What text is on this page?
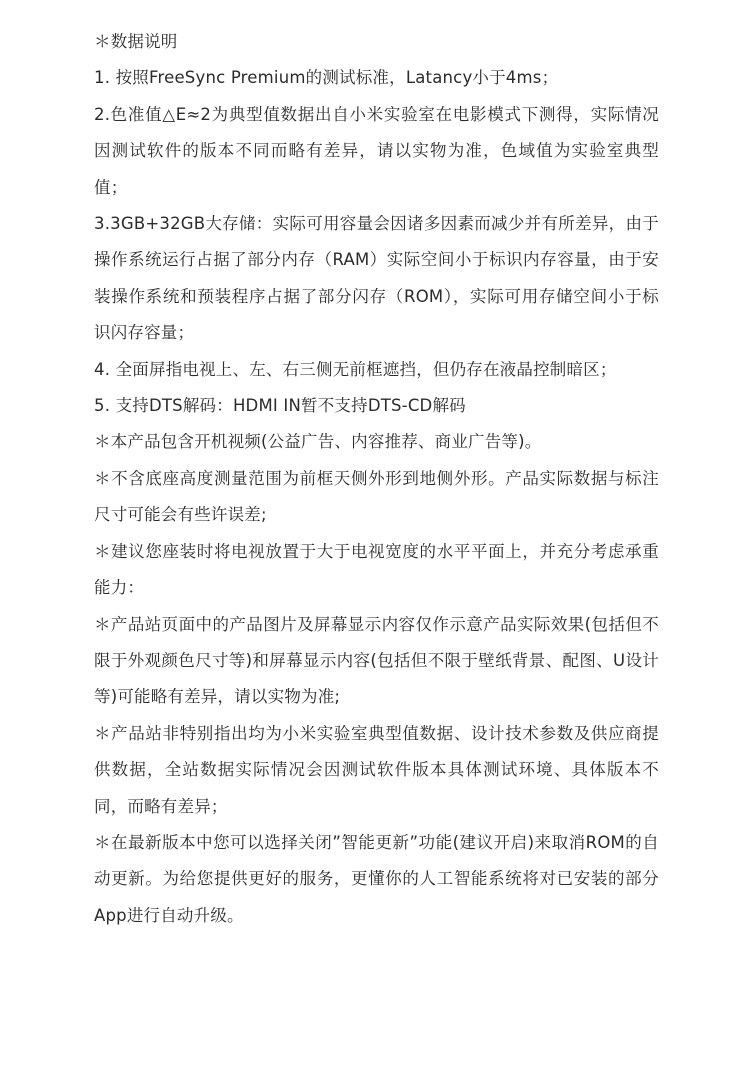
＊数据说明

1. 按照FreeSync Premium的测试标准，Latancy小于4ms；

2.色准值△E≈2为典型值数据出自小米实验室在电影模式下测得，实际情况因测试软件的版本不同而略有差异，请以实物为准，色域值为实验室典型值；

3.3GB+32GB大存储：实际可用容量会因诸多因素而减少并有所差异，由于操作系统运行占据了部分内存（RAM）实际空间小于标识内存容量，由于安装操作系统和预装程序占据了部分闪存（ROM），实际可用存储空间小于标识闪存容量；

4. 全面屏指电视上、左、右三侧无前框遮挡，但仍存在液晶控制暗区；

5. 支持DTS解码：HDMI IN暂不支持DTS-CD解码

＊本产品包含开机视频(公益广告、内容推荐、商业广告等)。

＊不含底座高度测量范围为前框天侧外形到地侧外形。产品实际数据与标注尺寸可能会有些许误差;

＊建议您座装时将电视放置于大于电视宽度的水平平面上，并充分考虑承重能力：

＊产品站页面中的产品图片及屏幕显示内容仅作示意产品实际效果(包括但不限于外观颜色尺寸等)和屏幕显示内容(包括但不限于壁纸背景、配图、U设计等)可能略有差异，请以实物为准;

＊产品站非特别指出均为小米实验室典型值数据、设计技术参数及供应商提供数据，全站数据实际情况会因测试软件版本具体测试环境、具体版本不同，而略有差异；

＊在最新版本中您可以选择关闭”智能更新”功能(建议开启)来取消ROM的自动更新。为给您提供更好的服务，更懂你的人工智能系统将对已安装的部分App进行自动升级。
